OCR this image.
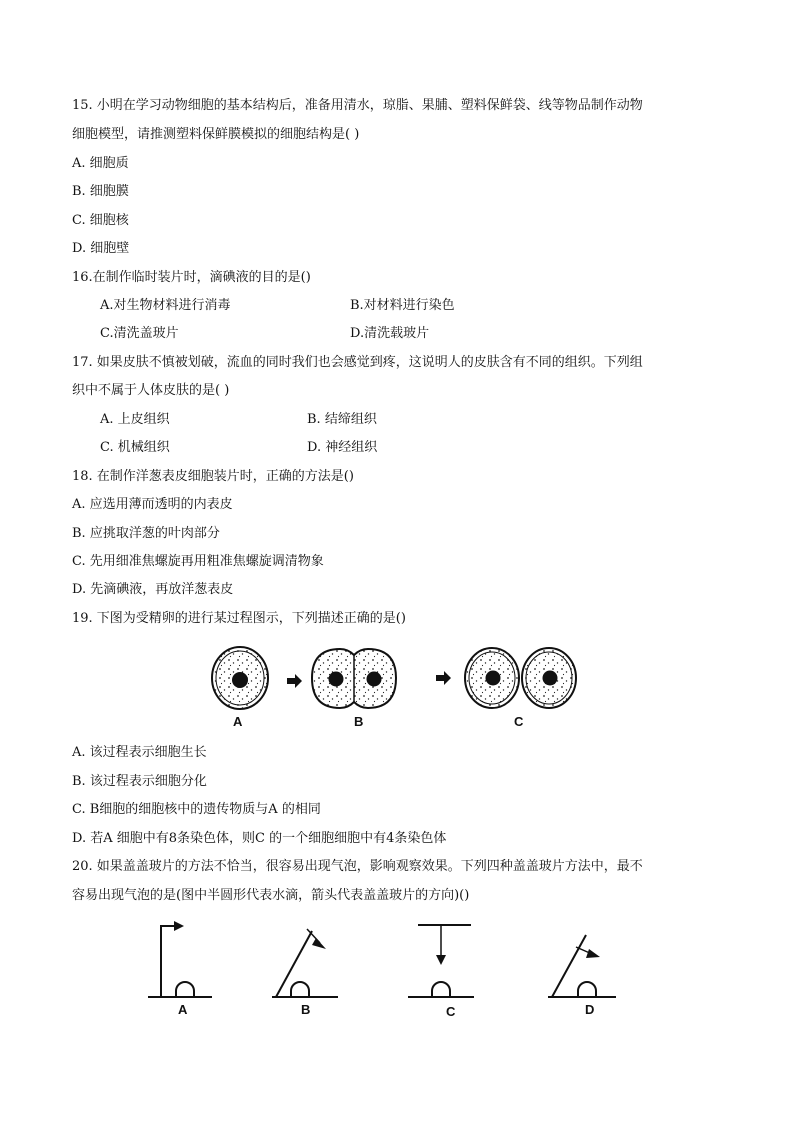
15. 小明在学习动物细胞的基本结构后，准备用清水，琼脂、果脯、塑料保鲜袋、线等物品制作动物
细胞模型，请推测塑料保鲜膜模拟的细胞结构是( )
A. 细胞质
B. 细胞膜
C. 细胞核
D. 细胞壁
16.在制作临时装片时，滴碘液的目的是()
A.对生物材料进行消毒	B.对材料进行染色
C.清洗盖玻片	D.清洗载玻片
17. 如果皮肤不慎被划破，流血的同时我们也会感觉到疼，这说明人的皮肤含有不同的组织。下列组
织中不属于人体皮肤的是( )
A. 上皮组织	B. 结缔组织
C. 机械组织	D. 神经组织
18. 在制作洋葱表皮细胞装片时，正确的方法是()
A. 应选用薄而透明的内表皮
B. 应挑取洋葱的叶肉部分
C. 先用细准焦螺旋再用粗准焦螺旋调清物象
D. 先滴碘液，再放洋葱表皮
19. 下图为受精卵的进行某过程图示，下列描述正确的是()
A	B	C
A. 该过程表示细胞生长
B. 该过程表示细胞分化
C. B细胞的细胞核中的遗传物质与A 的相同
D. 若A 细胞中有8条染色体，则C 的一个细胞细胞中有4条染色体
20. 如果盖盖玻片的方法不恰当，很容易出现气泡，影响观察效果。下列四种盖盖玻片方法中，最不
容易出现气泡的是(图中半圆形代表水滴，箭头代表盖盖玻片的方向)()
A	B	C	D
